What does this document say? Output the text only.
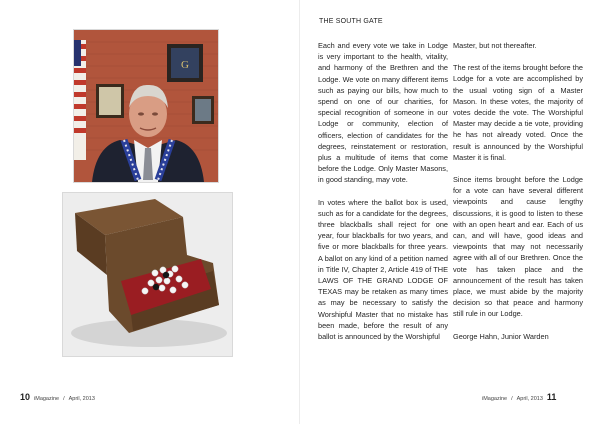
G
10 iMagazine / April, 2013
THE SOUTH GATE

Each and every vote we take in Lodge is very important to the health, vitality, and harmony of the Brethren and the Lodge. We vote on many different items such as paying our bills, how much to spend on one of our charities, for special recognition of someone in our Lodge or community, election of officers, election of candidates for the degrees, reinstatement or restoration, plus a multitude of items that come before the Lodge. Only Master Masons, in good standing, may vote.

In votes where the ballot box is used, such as for a candidate for the degrees, three blackballs shall reject for one year, four blackballs for two years, and five or more blackballs for three years. A ballot on any kind of a petition named in Title IV, Chapter 2, Article 419 of THE LAWS OF THE GRAND LODGE OF TEXAS may be retaken as many times as may be necessary to satisfy the Worshipful Master that no mistake has been made, before the result of any ballot is announced by the Worshipful

Master, but not thereafter.

The rest of the items brought before the Lodge for a vote are accomplished by the usual voting sign of a Master Mason. In these votes, the majority of votes decide the vote. The Worshipful Master may decide a tie vote, providing he has not already voted. Once the result is announced by the Worshipful Master it is final.

Since items brought before the Lodge for a vote can have several different viewpoints and cause lengthy discussions, it is good to listen to these with an open heart and ear. Each of us can, and will have, good ideas and viewpoints that may not necessarily agree with all of our Brethren. Once the vote has taken place and the announcement of the result has taken place, we must abide by the majority decision so that peace and harmony still rule in our Lodge.

George Hahn, Junior Warden

iMagazine / April, 2013 11
